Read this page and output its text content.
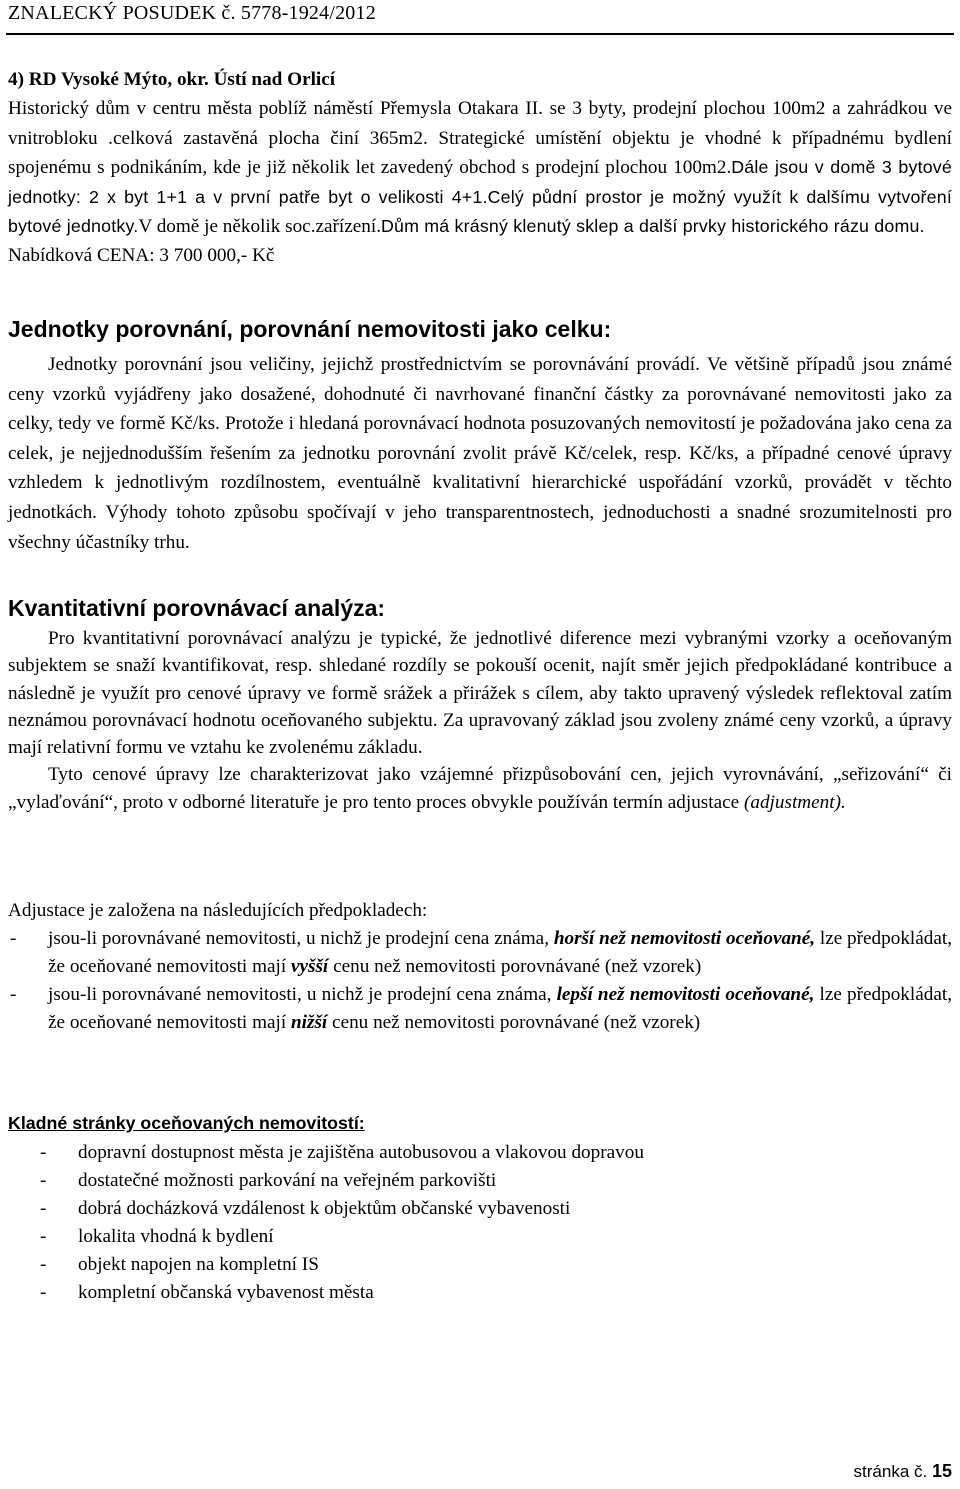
ZNALECKÝ POSUDEK č. 5778-1924/2012

4) RD Vysoké Mýto, okr. Ústí nad Orlicí

Historický dům v centru města poblíž náměstí Přemysla Otakara II. se 3 byty, prodejní plochou 100m2 a zahrádkou ve vnitrobloku .celková zastavěná plocha činí 365m2. Strategické umístění objektu je vhodné k případnému bydlení spojenému s podnikáním, kde je již několik let zavedený obchod s prodejní plochou 100m2.Dále jsou v domě 3 bytové jednotky: 2 x byt 1+1 a v první patře byt o velikosti 4+1.Celý půdní prostor je možný využít k dalšímu vytvoření bytové jednotky.V domě je několik soc.zařízení.Dům má krásný klenutý sklep a další prvky historického rázu domu.

Nabídková CENA: 3 700 000,- Kč

Jednotky porovnání, porovnání nemovitosti jako celku:

Jednotky porovnání jsou veličiny, jejichž prostřednictvím se porovnávání provádí. Ve většině případů jsou známé ceny vzorků vyjádřeny jako dosažené, dohodnuté či navrhované finanční částky za porovnávané nemovitosti jako za celky, tedy ve formě Kč/ks. Protože i hledaná porovnávací hodnota posuzovaných nemovitostí je požadována jako cena za celek, je nejjednodušším řešením za jednotku porovnání zvolit právě Kč/celek, resp. Kč/ks, a případné cenové úpravy vzhledem k jednotlivým rozdílnostem, eventuálně kvalitativní hierarchické uspořádání vzorků, provádět v těchto jednotkách. Výhody tohoto způsobu spočívají v jeho transparentnostech, jednoduchosti a snadné srozumitelnosti pro všechny účastníky trhu.

Kvantitativní porovnávací analýza:

Pro kvantitativní porovnávací analýzu je typické, že jednotlivé diference mezi vybranými vzorky a oceňovaným subjektem se snaží kvantifikovat, resp. shledané rozdíly se pokouší ocenit, najít směr jejich předpokládané kontribuce a následně je využít pro cenové úpravy ve formě srážek a přirážek s cílem, aby takto upravený výsledek reflektoval zatím neznámou porovnávací hodnotu oceňovaného subjektu. Za upravovaný základ jsou zvoleny známé ceny vzorků, a úpravy mají relativní formu ve vztahu ke zvolenému základu.

Tyto cenové úpravy lze charakterizovat jako vzájemné přizpůsobování cen, jejich vyrovnávání, „seřizování“ či „vylaďování“, proto v odborné literatuře je pro tento proces obvykle používán termín adjustace (adjustment).

Adjustace je založena na následujících předpokladech:
- jsou-li porovnávané nemovitosti, u nichž je prodejní cena známa, horší než nemovitosti oceňované, lze předpokládat, že oceňované nemovitosti mají vyšší cenu než nemovitosti porovnávané (než vzorek)
- jsou-li porovnávané nemovitosti, u nichž je prodejní cena známa, lepší než nemovitosti oceňované, lze předpokládat, že oceňované nemovitosti mají nižší cenu než nemovitosti porovnávané (než vzorek)
Kladné stránky oceňovaných nemovitostí:
- dopravní dostupnost města je zajištěna autobusovou a vlakovou dopravou
- dostatečné možnosti parkování na veřejném parkovišti
- dobrá docházková vzdálenost k objektům občanské vybavenosti
- lokalita vhodná k bydlení
- objekt napojen na kompletní IS
- kompletní občanská vybavenost města
stránka č. 15
